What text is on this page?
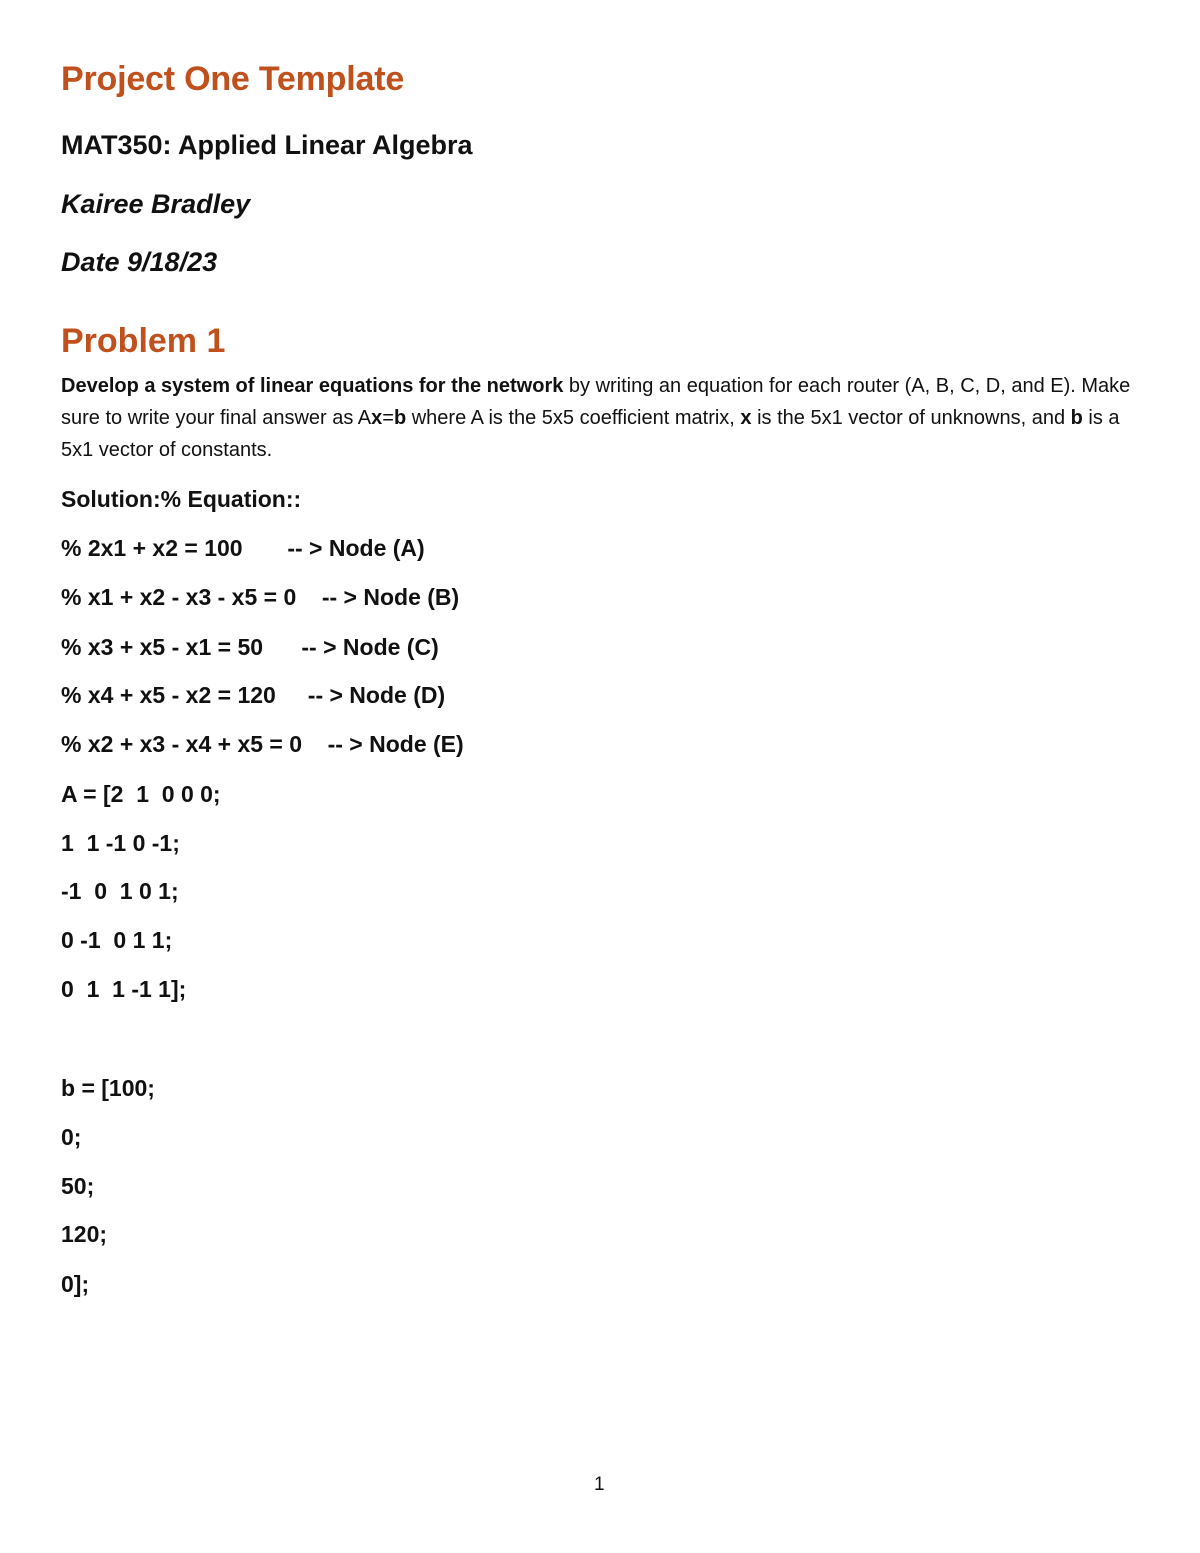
Project One Template
MAT350: Applied Linear Algebra
Kairee Bradley
Date 9/18/23
Problem 1
Develop a system of linear equations for the network by writing an equation for each router (A, B, C, D, and E). Make sure to write your final answer as Ax=b where A is the 5x5 coefficient matrix, x is the 5x1 vector of unknowns, and b is a 5x1 vector of constants.
Solution:% Equation::
% 2x1 + x2 = 100       -- > Node (A)
% x1 + x2 - x3 - x5 = 0    -- > Node (B)
% x3 + x5 - x1 = 50      -- > Node (C)
% x4 + x5 - x2 = 120     -- > Node (D)
% x2 + x3 - x4 + x5 = 0    -- > Node (E)
A = [2  1  0 0 0;
1  1 -1 0 -1;
-1  0  1 0 1;
0 -1  0 1 1;
0  1  1 -1 1];
b = [100;
0;
50;
120;
0];
1
